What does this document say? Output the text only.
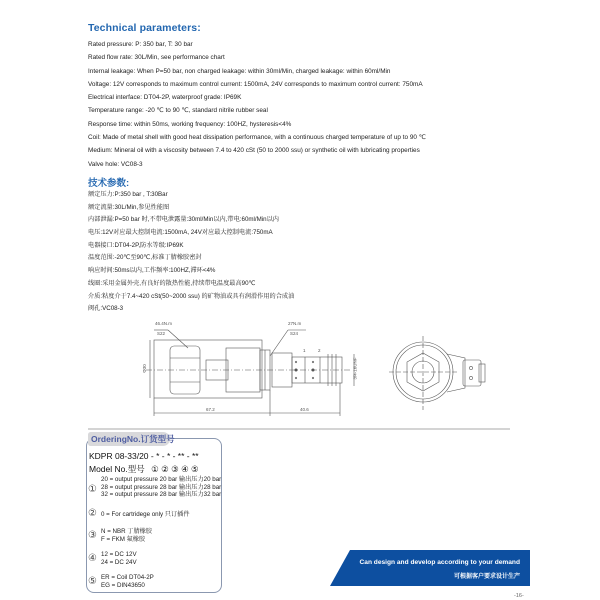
Technical parameters:
Rated pressure: P: 350 bar, T: 30 bar
Rated flow rate: 30L/Min, see performance chart
Internal leakage: When P=50 bar, non charged leakage: within 30ml/Min, charged leakage: within 60ml/Min
Voltage: 12V corresponds to maximum control current: 1500mA, 24V corresponds to maximum control current: 750mA
Electrical interface: DT04-2P, waterproof grade: IP69K
Temperature range: -20 ℃ to 90 ℃, standard nitrile rubber seal
Response time: within 50ms, working frequency: 100HZ, hysteresis<4%
Coil: Made of metal shell with good heat dissipation performance, with a continuous charged temperature of up to 90 ℃
Medium: Mineral oil with a viscosity between 7.4 to 420 cSt (50 to 2000 ssu) or synthetic oil with lubricating properties
Valve hole: VC08-3
技术参数:
额定压力:P:350 bar , T:30Bar
额定流量:30L/Min,参见性能图
内部泄漏:P=50 bar 时,不带电泄露量:30ml/Min以内,带电:60ml/Min以内
电压:12V对应最大控制电流:1500mA, 24V对应最大控制电流:750mA
电器接口:DT04-2P,防水等级:IP69K
温度范围:-20℃至90℃,标准丁腈橡胶密封
响应时间:50ms以内,工作频率:100HZ,滞环<4%
线圈:采用金属外壳,有良好的散热性能,持续带电温度最高90℃
介质:粘度介于7.4~420 cSt(50~2000 ssu) 的矿物油或具有润滑作用的合成油
阀孔:VC08-3
46.4N.m
S22
27N.m
S24
1	2
Φ30	3/4-16UNF
67.2	40.6
OrderingNo.订货型号
KDPR 08-33/20 - * - * - ** - **
Model No.型号 ① ② ③ ④ ⑤
①
20 = output pressure 20 bar 输出压力20 bar
28 = output pressure 28 bar 输出压力28 bar
32 = output pressure 28 bar 输出压力32 bar
② 0 = For cartridege only 只订插件
③ N = NBR 丁腈橡胶
F = FKM 氟橡胶
④ 12 = DC 12V
24 = DC 24V
⑤ ER = Coil DT04-2P
EG = DIN43650
Can design and develop according to your demand
可根据客户要求设计生产
-16-
